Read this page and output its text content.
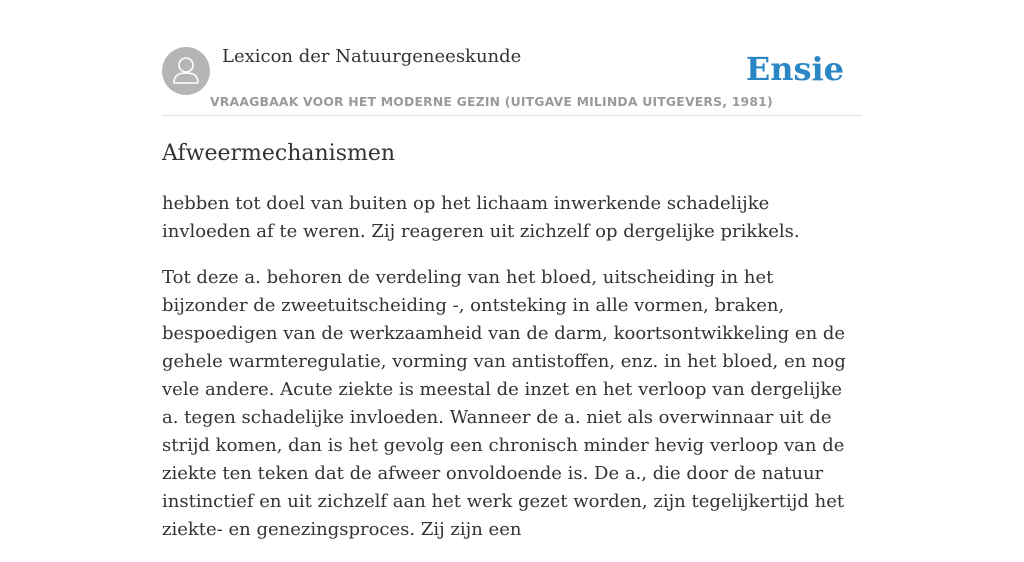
Lexicon der Natuurgeneeskunde
VRAAGBAAK VOOR HET MODERNE GEZIN (UITGAVE MILINDA UITGEVERS, 1981)
Ensie
Afweermechanismen

hebben tot doel van buiten op het lichaam inwerkende schadelijke invloeden af te weren. Zij reageren uit zichzelf op dergelijke prikkels.

Tot deze a. behoren de verdeling van het bloed, uitscheiding in het bijzonder de zweetuitscheiding -, ontsteking in alle vormen, braken, bespoedigen van de werkzaamheid van de darm, koortsontwikkeling en de gehele warmteregulatie, vorming van antistoffen, enz. in het bloed, en nog vele andere. Acute ziekte is meestal de inzet en het verloop van dergelijke a. tegen schadelijke invloeden. Wanneer de a. niet als overwinnaar uit de strijd komen, dan is het gevolg een chronisch minder hevig verloop van de ziekte ten teken dat de afweer onvoldoende is. De a., die door de natuur instinctief en uit zichzelf aan het werk gezet worden, zijn tegelijkertijd het ziekte- en genezingsproces. Zij zijn een
